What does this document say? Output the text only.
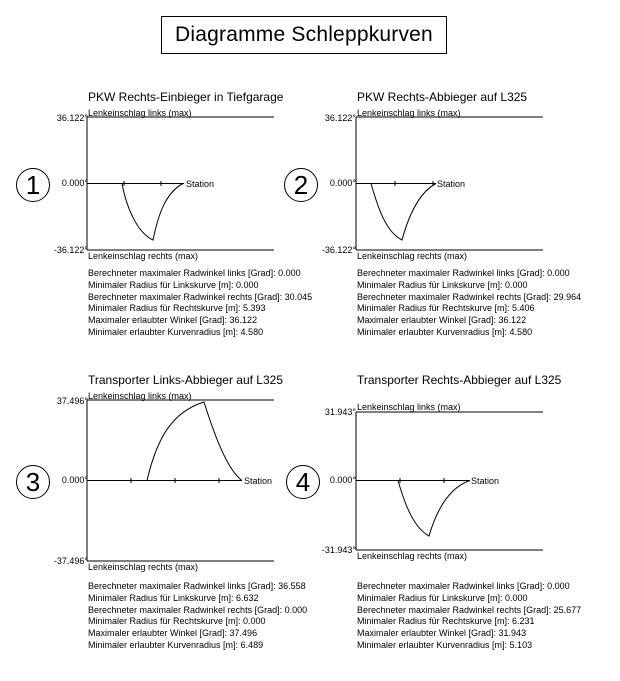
Diagramme Schleppkurven
PKW Rechts-Einbieger in Tiefgarage
Lenkeinschlag links (max)
36.122°
0.000°
-36.122°
Lenkeinschlag rechts (max)
Station
1
Berechneter maximaler Radwinkel links [Grad]: 0.000
Minimaler Radius für Linkskurve [m]: 0.000
Berechneter maximaler Radwinkel rechts [Grad]: 30.045
Minimaler Radius für Rechtskurve [m]: 5.393
Maximaler erlaubter Winkel [Grad]: 36.122
Minimaler erlaubter Kurvenradius [m]: 4.580
PKW Rechts-Abbieger auf L325
Lenkeinschlag links (max)
36.122°
0.000°
-36.122°
Lenkeinschlag rechts (max)
Station
2
Berechneter maximaler Radwinkel links [Grad]: 0.000
Minimaler Radius für Linkskurve [m]: 0.000
Berechneter maximaler Radwinkel rechts [Grad]: 29.964
Minimaler Radius für Rechtskurve [m]: 5.406
Maximaler erlaubter Winkel [Grad]: 36.122
Minimaler erlaubter Kurvenradius [m]: 4.580
Transporter Links-Abbieger auf L325
Lenkeinschlag links (max)
37.496°
0.000°
-37.496°
Lenkeinschlag rechts (max)
Station
3
Berechneter maximaler Radwinkel links [Grad]: 36.558
Minimaler Radius für Linkskurve [m]: 6.632
Berechneter maximaler Radwinkel rechts [Grad]: 0.000
Minimaler Radius für Rechtskurve [m]: 0.000
Maximaler erlaubter Winkel [Grad]: 37.496
Minimaler erlaubter Kurvenradius [m]: 6.489
Transporter Rechts-Abbieger auf L325
Lenkeinschlag links (max)
31.943°
0.000°
-31.943°
Lenkeinschlag rechts (max)
Station
4
Berechneter maximaler Radwinkel links [Grad]: 0.000
Minimaler Radius für Linkskurve [m]: 0.000
Berechneter maximaler Radwinkel rechts [Grad]: 25.677
Minimaler Radius für Rechtskurve [m]: 6.231
Maximaler erlaubter Winkel [Grad]: 31.943
Minimaler erlaubter Kurvenradius [m]: 5.103
